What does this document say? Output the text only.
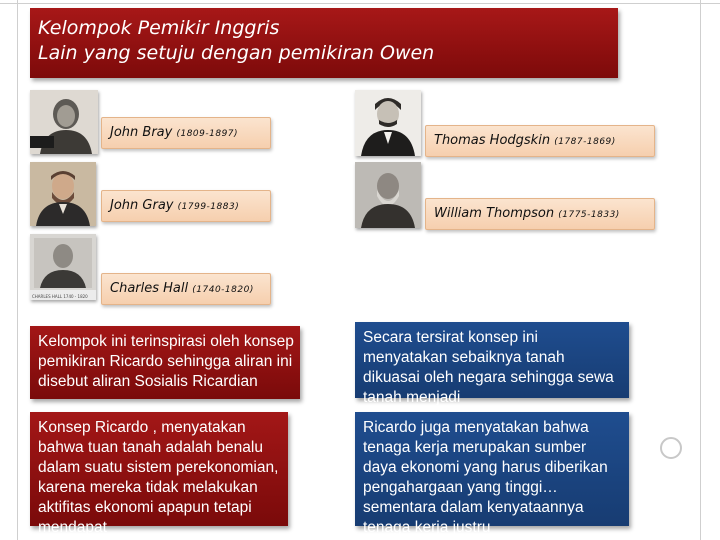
Kelompok Pemikir Inggris
Lain yang setuju dengan pemikiran Owen
CHARLES HALL 1740 - 1820
John Bray (1809-1897)
John Gray (1799-1883)
Charles Hall (1740-1820)
Thomas Hodgskin (1787-1869)
William Thompson (1775-1833)
Kelompok ini terinspirasi oleh konsep pemikiran Ricardo sehingga aliran ini disebut aliran Sosialis Ricardian
Konsep Ricardo , menyatakan bahwa tuan tanah adalah benalu dalam suatu sistem perekonomian, karena mereka tidak melakukan aktifitas ekonomi apapun tetapi mendapat
Secara tersirat konsep ini menyatakan sebaiknya tanah dikuasai oleh negara sehingga sewa tanah menjadi
Ricardo juga menyatakan bahwa tenaga kerja merupakan sumber daya ekonomi yang harus diberikan pengahargaan yang tinggi…sementara dalam kenyataannya tenaga kerja justru
